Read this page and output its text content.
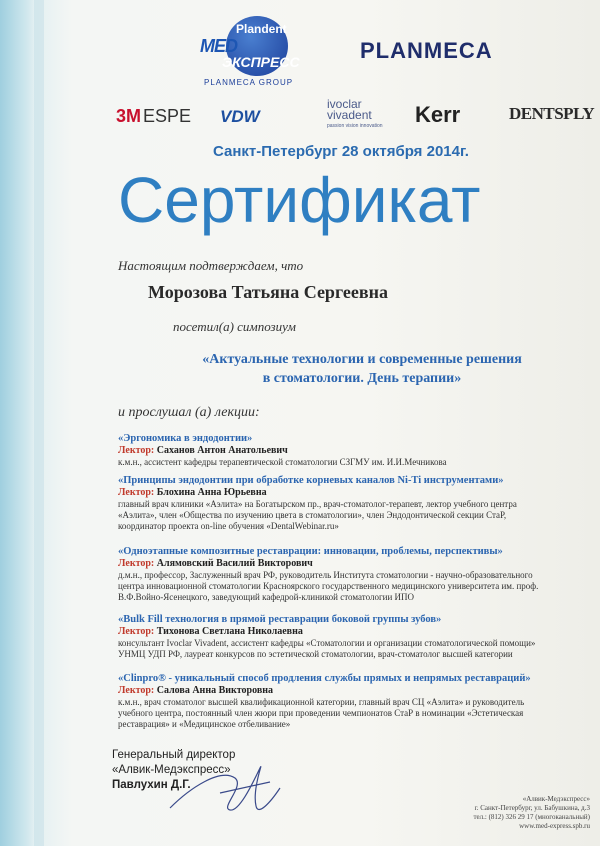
Plandent
MED
ЭКСПРЕСС
PLANMECA GROUP
PLANMECA
3M ESPE VDW
ivoclar
vivadent
passion vision innovation Kerr	DENTSPLY
Санкт-Петербург 28 октября 2014г.
Сертификат
Настоящим подтверждаем, что
Морозова Татьяна Сергеевна
посетил(а) симпозиум
«Актуальные технологии и современные решения
в стоматологии. День терапии»
и прослушал (а) лекции:
«Эргономика в эндодонтии»
Лектор: Саханов Антон Анатольевич
к.м.н., ассистент кафедры терапевтической стоматологии СЗГМУ им. И.И.Мечникова
«Принципы эндодонтии при обработке корневых каналов Ni-Ti инструментами»
Лектор: Блохина Анна Юрьевна
главный врач клиники «Аэлита» на Богатырском пр., врач-стоматолог-терапевт, лектор учебного центра
«Аэлита», член «Общества по изучению цвета в стоматологии», член Эндодонтической секции СтаР,
координатор проекта on-line обучения «DentalWebinar.ru»
«Одноэтапные композитные реставрации: инновации, проблемы, перспективы»
Лектор: Алямовский Василий Викторович
д.м.н., профессор, Заслуженный врач РФ, руководитель Института стоматологии - научно-образовательного
центра инновационной стоматологии Красноярского государственного медицинского университета им. проф.
В.Ф.Войно-Ясенецкого, заведующий кафедрой-клиникой стоматологии ИПО
«Bulk Fill технология в прямой реставрации боковой группы зубов»
Лектор: Тихонова Светлана Николаевна
консультант Ivoclar Vivadent, ассистент кафедры «Стоматологии и организации стоматологической помощи»
УНМЦ УДП РФ, лауреат конкурсов по эстетической стоматологии, врач-стоматолог высшей категории
«Clinpro® - уникальный способ продления службы прямых и непрямых реставраций»
Лектор: Салова Анна Викторовна
к.м.н., врач стоматолог высшей квалификационной категории, главный врач СЦ «Аэлита» и руководитель
учебного центра, постоянный член жюри при проведении чемпионатов СтаР в номинации «Эстетическая
реставрация» и «Медицинское отбеливание»
Генеральный директор
«Алвик-Медэкспресс»
Павлухин Д.Г.
«Алвик-Медэкспресс»
г. Санкт-Петербург, ул. Бабушкина, д.3
тел.: (812) 326 29 17 (многоканальный)
www.med-express.spb.ru
